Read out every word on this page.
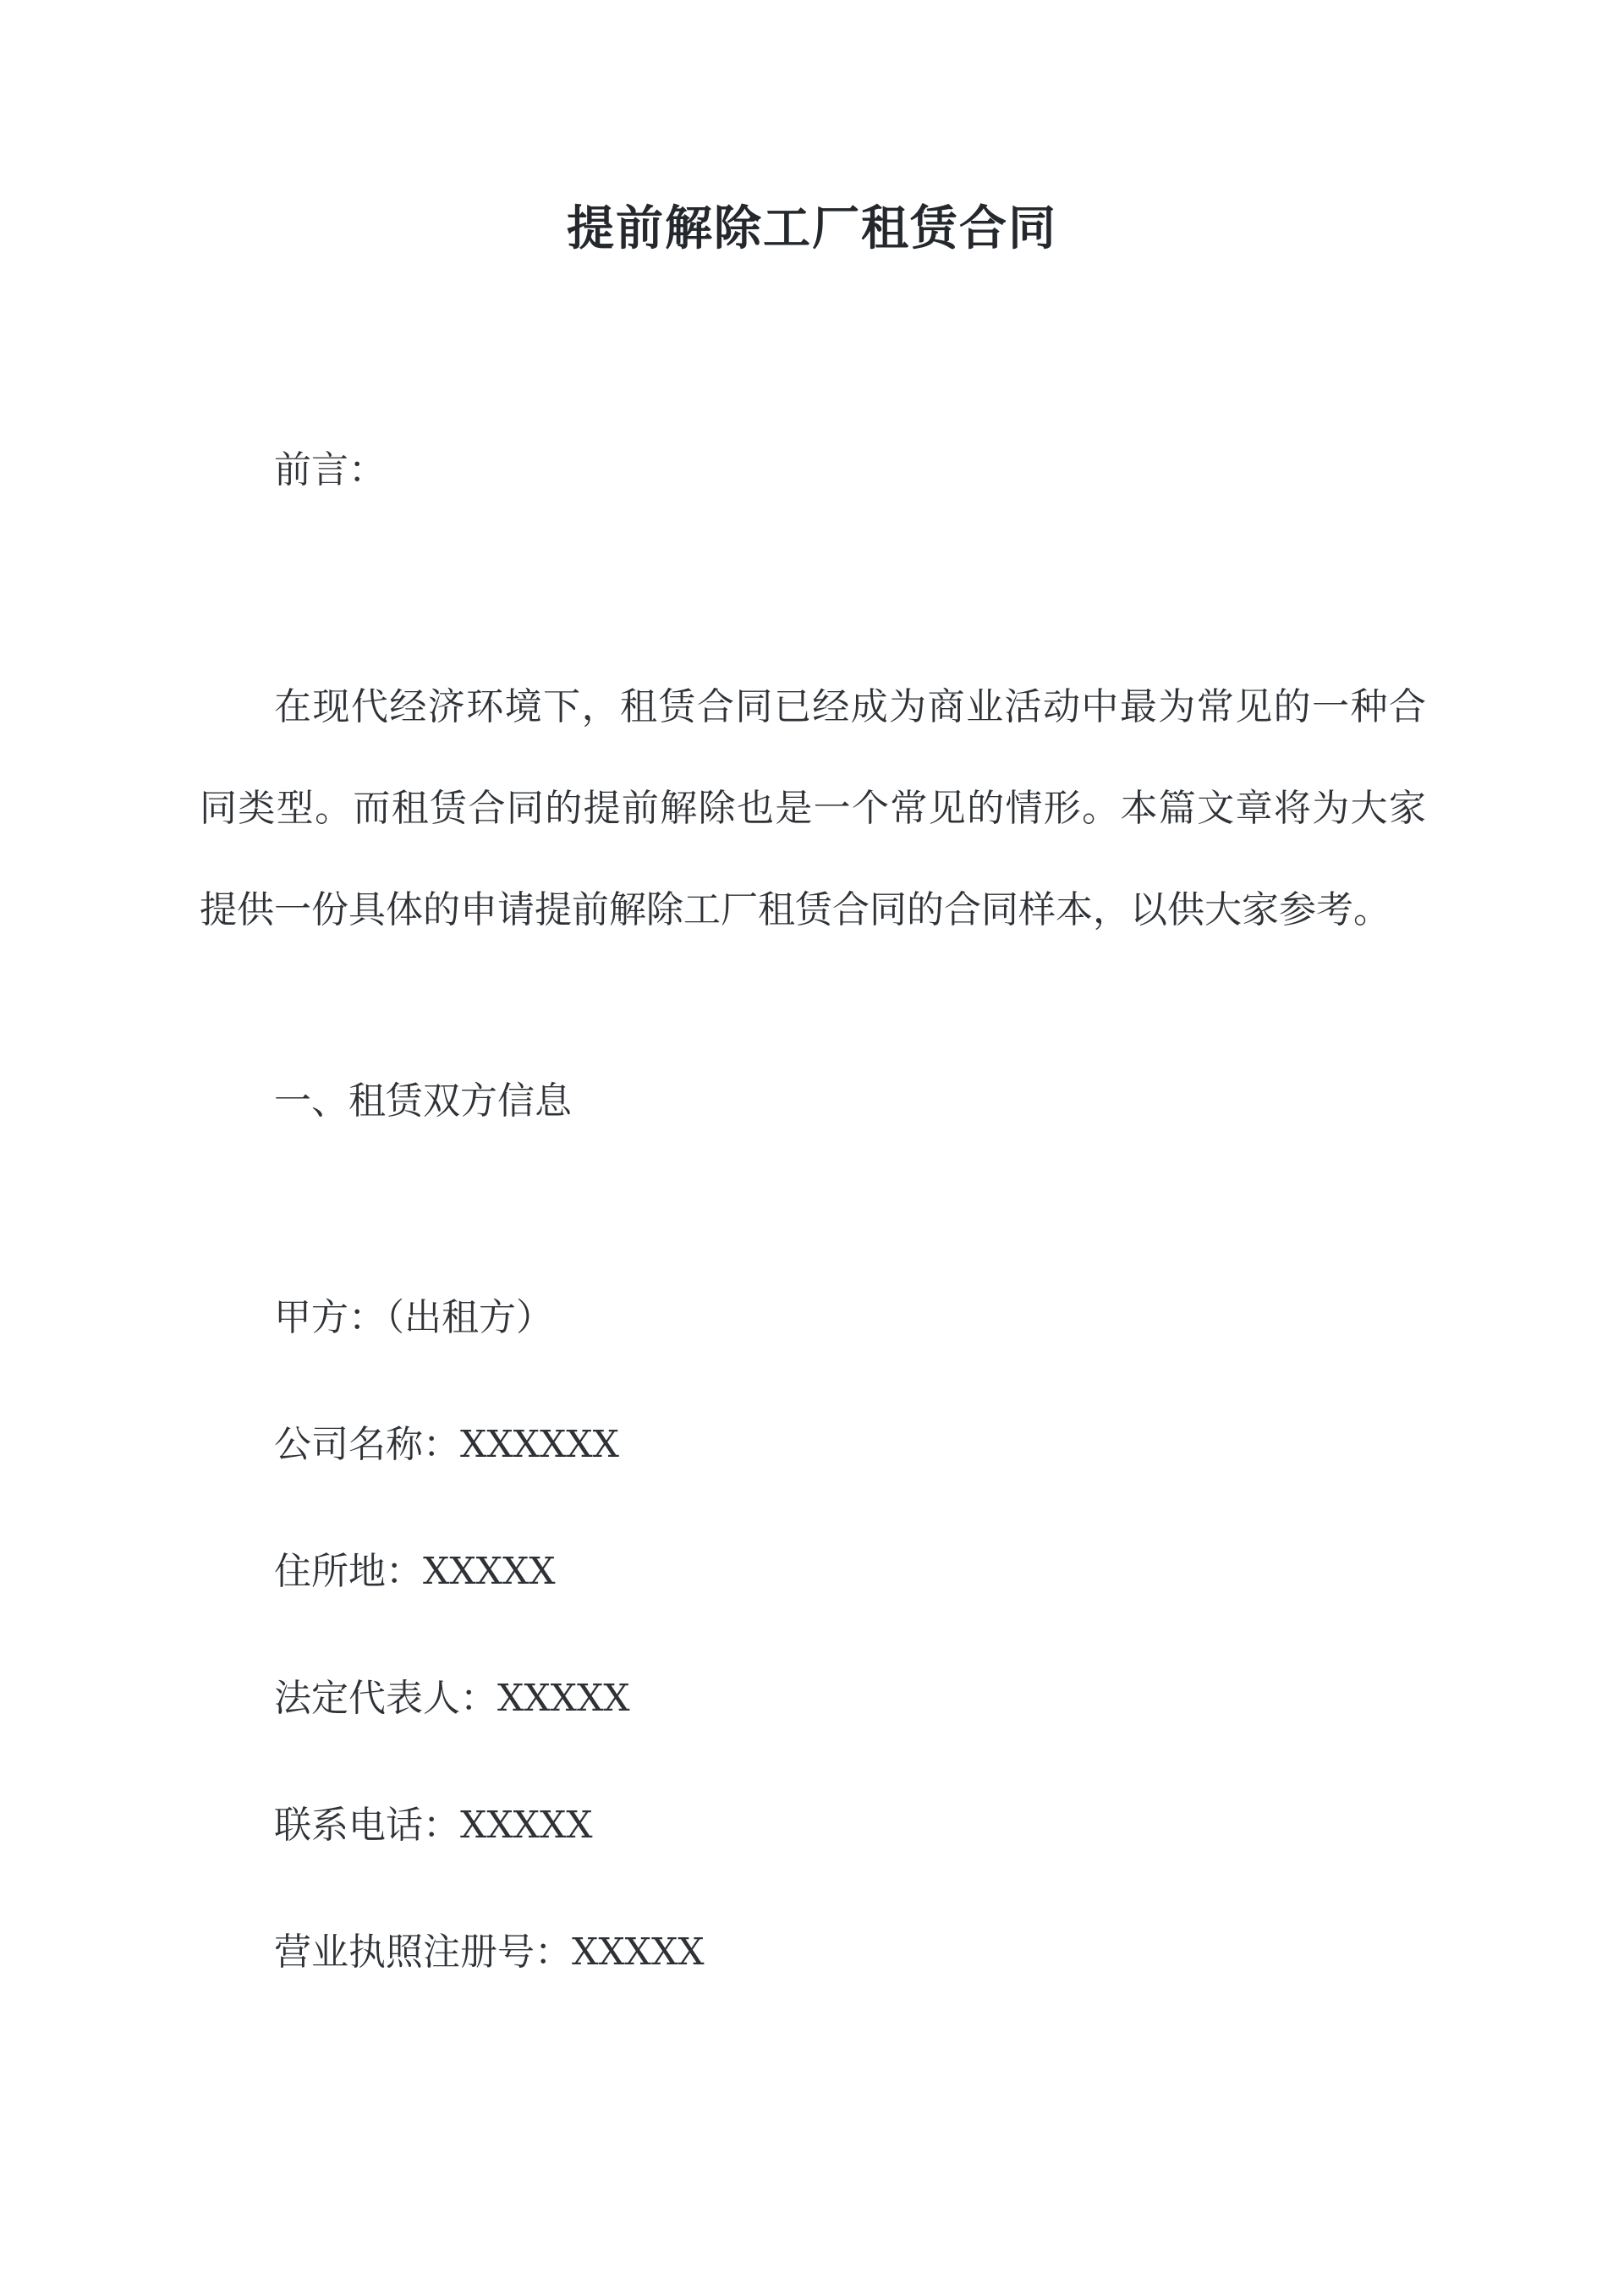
提前解除工厂租赁合同
前言：

在现代经济环境下，租赁合同已经成为商业活动中最为常见的一种合同类型。而租赁合同的提前解除也是一个常见的情形。本篇文章将为大家提供一份具体的申请提前解除工厂租赁合同的合同样本，以供大家参考。

一、租赁双方信息
甲方：（出租方）
公司名称：XXXXXX
住所地：XXXXX
法定代表人：XXXXX
联系电话：XXXXX
营业执照注册号：XXXXX
